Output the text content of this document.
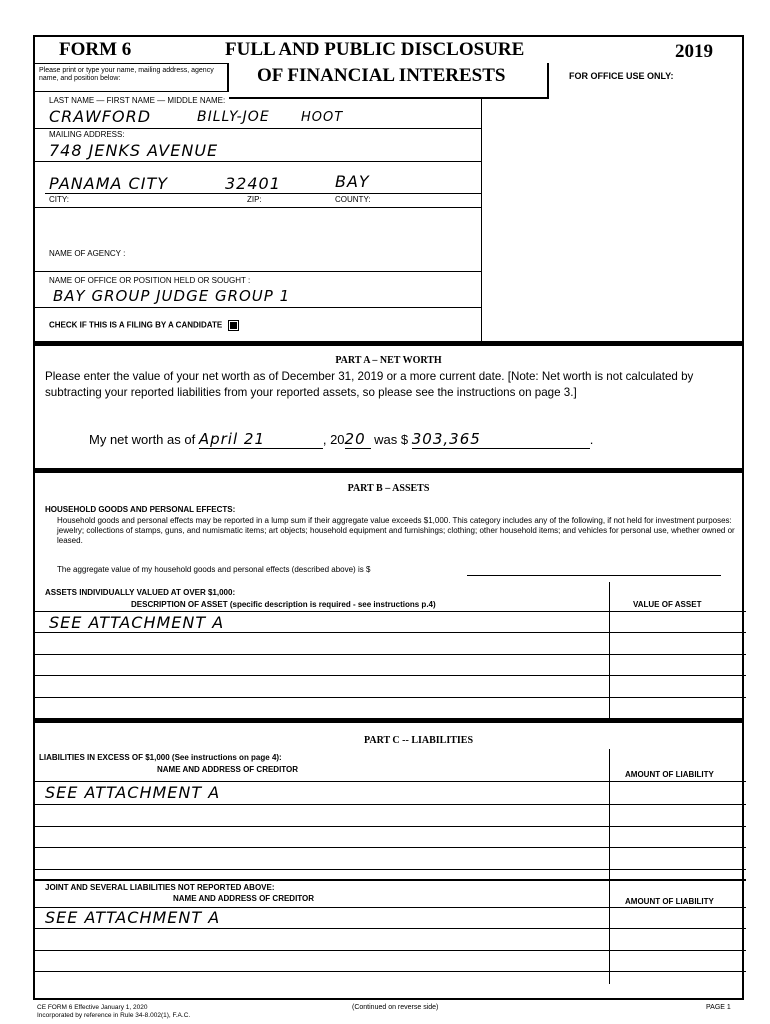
FORM 6	FULL AND PUBLIC DISCLOSURE	2019
Please print or type your name, mailing address, agency name, and position below:	OF FINANCIAL INTERESTS	FOR OFFICE USE ONLY:
LAST NAME — FIRST NAME — MIDDLE NAME:
CRAWFORD	BILLY-JOE HOOT
MAILING ADDRESS:
748 JENKS AVENUE
PANAMA CITY	32401	BAY
CITY:	ZIP:	COUNTY:
NAME OF AGENCY :
NAME OF OFFICE OR POSITION HELD OR SOUGHT :
BAY GROUP JUDGE GROUP 1
CHECK IF THIS IS A FILING BY A CANDIDATE
PART A – NET WORTH
Please enter the value of your net worth as of December 31, 2019 or a more current date. [Note: Net worth is not calculated by subtracting your reported liabilities from your reported assets, so please see the instructions on page 3.]
My net worth as of April 21	, 2020 was $ 303,365	.
PART B – ASSETS
HOUSEHOLD GOODS AND PERSONAL EFFECTS:
Household goods and personal effects may be reported in a lump sum if their aggregate value exceeds $1,000. This category includes any of the following, if not held for investment purposes: jewelry; collections of stamps, guns, and numismatic items; art objects; household equipment and furnishings; clothing; other household items; and vehicles for personal use, whether owned or leased.
The aggregate value of my household goods and personal effects (described above) is $
ASSETS INDIVIDUALLY VALUED AT OVER $1,000:
DESCRIPTION OF ASSET (specific description is required - see instructions p.4)	VALUE OF ASSET
SEE ATTACHMENT A
PART C -- LIABILITIES
LIABILITIES IN EXCESS OF $1,000 (See instructions on page 4):
NAME AND ADDRESS OF CREDITOR
AMOUNT OF LIABILITY
SEE ATTACHMENT A
JOINT AND SEVERAL LIABILITIES NOT REPORTED ABOVE:
NAME AND ADDRESS OF CREDITOR	AMOUNT OF LIABILITY
SEE ATTACHMENT A
CE FORM 6 Effective January 1, 2020
Incorporated by reference in Rule 34-8.002(1), F.A.C.
(Continued on reverse side)	PAGE 1
